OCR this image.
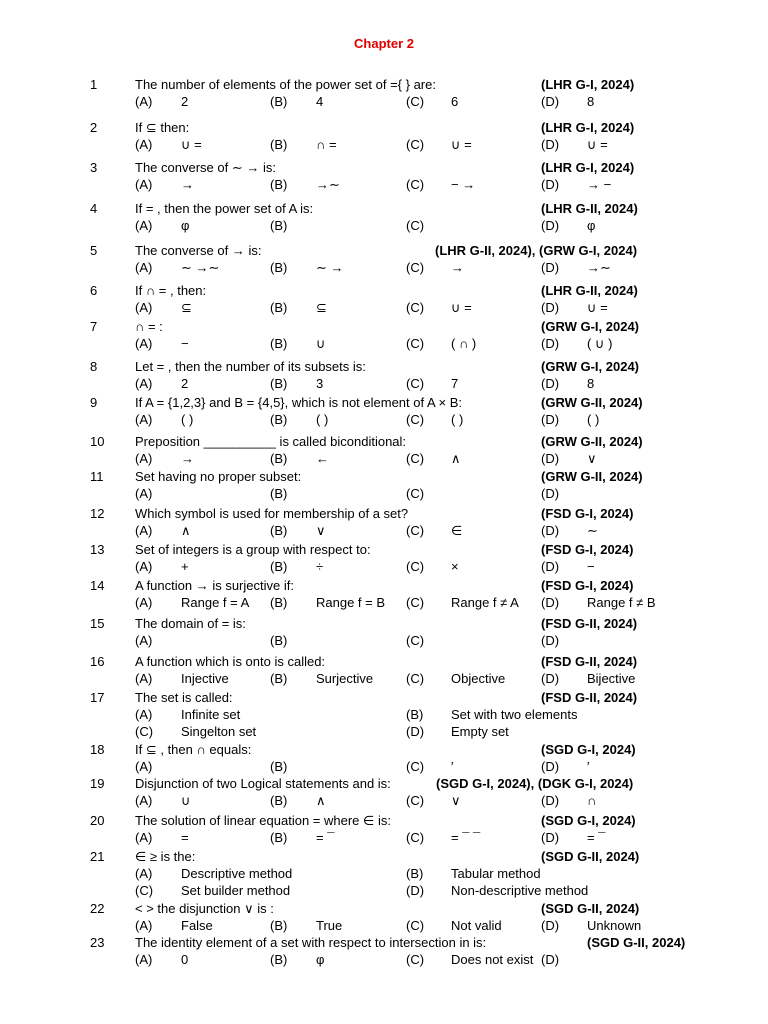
Chapter 2
1	The number of elements of the power set of ={ } are:	(LHR G-I, 2024)
(A) 2	(B) 4	(C) 6	(D) 8
2	If ⊆ then:	(LHR G-I, 2024)
(A) ∪ =	(B) ∩ =	(C) ∪ =	(D) ∪ =
3	The converse of ∼ → is:	(LHR G-I, 2024)
(A) →	(B) →∼	(C) − →	(D) → −
4	If = , then the power set of A is:	(LHR G-II, 2024)
(A) φ	(B)	(C)	(D) φ
5	The converse of → is:	(LHR G-II, 2024), (GRW G-I, 2024)
(A) ∼ →∼	(B) ∼ →	(C) →	(D) →∼
6	If ∩ = , then:	(LHR G-II, 2024)
(A) ⊆	(B) ⊆	(C) ∪ =	(D) ∪ =
7	∩ = :	(GRW G-I, 2024)
(A) −	(B) ∪	(C) ( ∩ )	(D) ( ∪ )
8	Let = , then the number of its subsets is:	(GRW G-I, 2024)
(A) 2	(B) 3	(C) 7	(D) 8
9	If A = {1,2,3} and B = {4,5}, which is not element of A × B:	(GRW G-II, 2024)
(A) ( )	(B) ( )	(C) ( )	(D) ( )
10 Preposition __________ is called biconditional:	(GRW G-II, 2024)
(A) →	(B) ←	(C) ∧	(D) ∨
11 Set having no proper subset:	(GRW G-II, 2024)
(A)	(B)	(C)	(D)
12 Which symbol is used for membership of a set?	(FSD G-I, 2024)
(A) ∧	(B) ∨	(C) ∈	(D) ∼
13 Set of integers is a group with respect to:	(FSD G-I, 2024)
(A) +	(B) ÷	(C) ×	(D) −
14 A function → is surjective if:	(FSD G-I, 2024)
(A) Range f = A (B) Range f = B (C) Range f ≠ A (D) Range f ≠ B
15 The domain of = is:	(FSD G-II, 2024)
(A)	(B)	(C)	(D)
16 A function which is onto is called:	(FSD G-II, 2024)
(A) Injective	(B) Surjective	(C) Objective	(D) Bijective
17 The set is called:	(FSD G-II, 2024)
(A) Infinite set	(B) Set with two elements
(C) Singelton set	(D) Empty set
18 If ⊆ , then ∩ equals:	(SGD G-I, 2024)
(A)	(B)	(C) ′	(D) ′
19 Disjunction of two Logical statements and is:	(SGD G-I, 2024), (DGK G-I, 2024)
(A) ∪	(B) ∧	(C) ∨	(D) ∩
20 The solution of linear equation = where ∈ is:	(SGD G-I, 2024)
(A) =	(B) = ¯	(C) = ¯ ¯	(D) = ¯
21 ∈ ≥ is the:	(SGD G-II, 2024)
(A) Descriptive method	(B) Tabular method
(C) Set builder method	(D) Non-descriptive method
22 < > the disjunction ∨ is :	(SGD G-II, 2024)
(A) False	(B) True	(C) Not valid	(D) Unknown
23 The identity element of a set with respect to intersection in is:	(SGD G-II, 2024)
(A) 0	(B) φ	(C) Does not exist (D)
